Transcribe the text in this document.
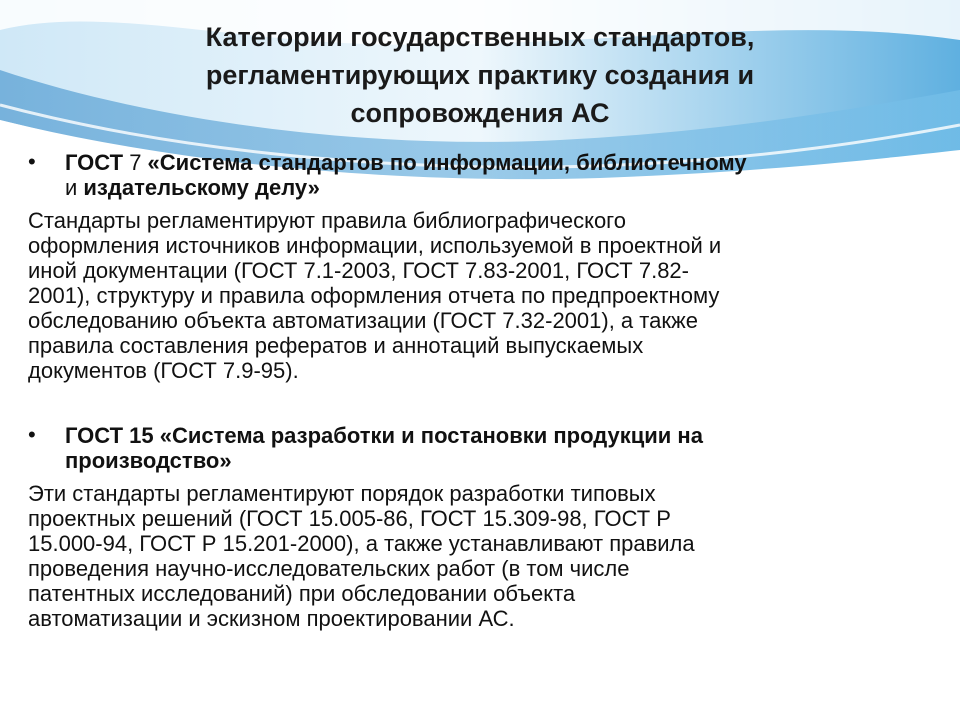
Категории государственных стандартов,
регламентирующих практику создания и
сопровождения АС
• ГОСТ 7 «Система стандартов по информации, библиотечному
и издательскому делу»
Стандарты регламентируют правила библиографического
оформления источников информации, используемой в проектной и
иной документации (ГОСТ 7.1-2003, ГОСТ 7.83-2001, ГОСТ 7.82-
2001), структуру и правила оформления отчета по предпроектному
обследованию объекта автоматизации (ГОСТ 7.32-2001), а также
правила составления рефератов и аннотаций выпускаемых
документов (ГОСТ 7.9-95).
• ГОСТ 15 «Система разработки и постановки продукции на
производство»
Эти стандарты регламентируют порядок разработки типовых
проектных решений (ГОСТ 15.005-86, ГОСТ 15.309-98, ГОСТ Р
15.000-94, ГОСТ Р 15.201-2000), а также устанавливают правила
проведения научно-исследовательских работ (в том числе
патентных исследований) при обследовании объекта
автоматизации и эскизном проектировании АС.
